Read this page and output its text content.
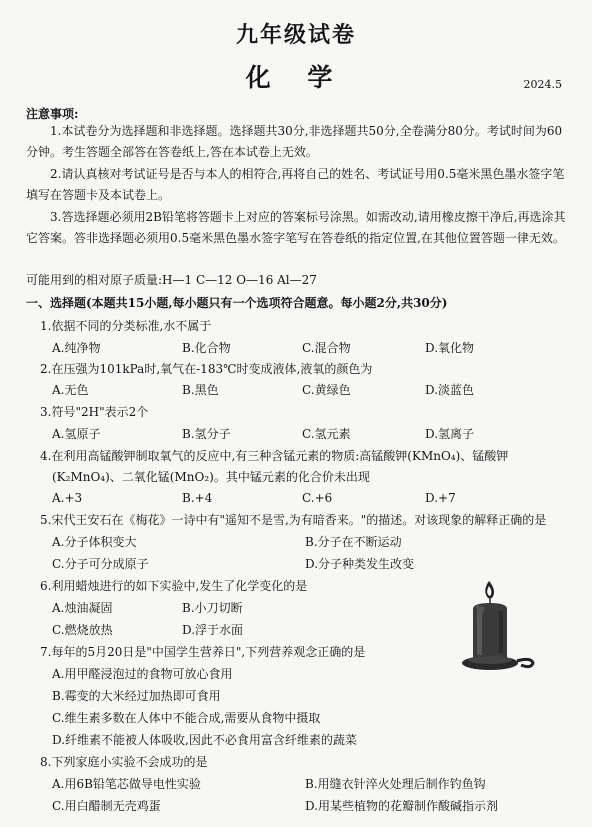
九年级试卷
化 学	2024.5
注意事项:
1.本试卷分为选择题和非选择题。选择题共30分,非选择题共50分,全卷满分80分。考试时间为60分钟。考生答题全部答在答卷纸上,答在本试卷上无效。
2.请认真核对考试证号是否与本人的相符合,再将自己的姓名、考试证号用0.5毫米黑色墨水签字笔填写在答题卡及本试卷上。
3.答选择题必须用2B铅笔将答题卡上对应的答案标号涂黑。如需改动,请用橡皮擦干净后,再选涂其它答案。答非选择题必须用0.5毫米黑色墨水签字笔写在答卷纸的指定位置,在其他位置答题一律无效。
可能用到的相对原子质量:H—1 C—12 O—16 Al—27
一、选择题(本题共15小题,每小题只有一个选项符合题意。每小题2分,共30分)
1.依据不同的分类标准,水不属于
A.纯净物	B.化合物	C.混合物	D.氧化物
2.在压强为101kPa时,氧气在-183℃时变成液体,液氧的颜色为
A.无色	B.黑色	C.黄绿色	D.淡蓝色
3.符号"2H"表示2个
A.氢原子	B.氢分子	C.氢元素	D.氢离子
4.在利用高锰酸钾制取氧气的反应中,有三种含锰元素的物质:高锰酸钾(KMnO₄)、锰酸钾
(K₂MnO₄)、二氧化锰(MnO₂)。其中锰元素的化合价未出现
A.+3	B.+4	C.+6	D.+7
5.宋代王安石在《梅花》一诗中有"遥知不是雪,为有暗香来。"的描述。对该现象的解释正确的是
A.分子体积变大	B.分子在不断运动
C.分子可分成原子	D.分子种类发生改变
6.利用蜡烛进行的如下实验中,发生了化学变化的是
A.烛油凝固	B.小刀切断
C.燃烧放热	D.浮于水面
7.每年的5月20日是"中国学生营养日",下列营养观念正确的是
A.用甲醛浸泡过的食物可放心食用
B.霉变的大米经过加热即可食用
C.维生素多数在人体中不能合成,需要从食物中摄取
D.纤维素不能被人体吸收,因此不必食用富含纤维素的蔬菜
8.下列家庭小实验不会成功的是
A.用6B铅笔芯做导电性实验	B.用缝衣针淬火处理后制作钓鱼钩
C.用白醋制无壳鸡蛋	D.用某些植物的花瓣制作酸碱指示剂
